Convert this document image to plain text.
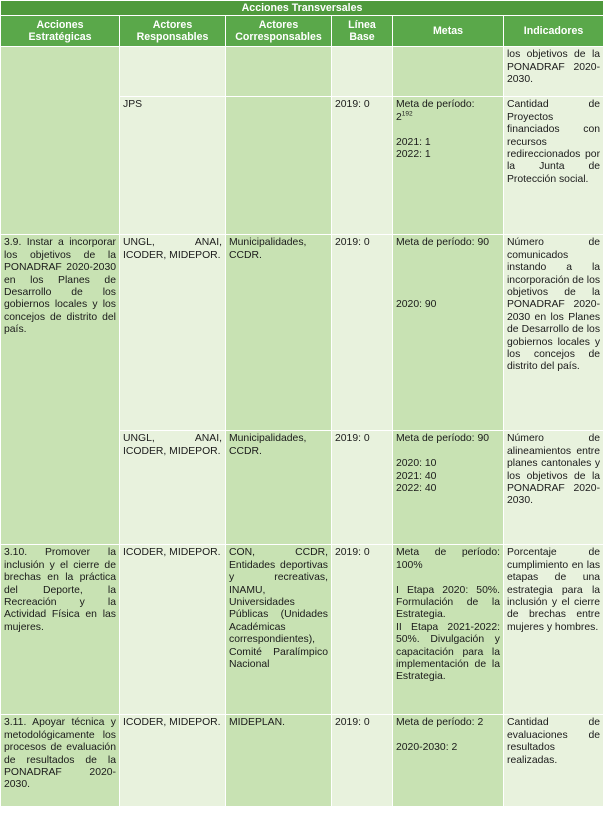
Acciones Transversales					
Acciones Estratégicas	Actores Responsables	Actores Corresponsables	Línea Base	Metas	Indicadores
					los objetivos de la PONADRAF 2020- 2030.
	JPS		2019: 0	Meta de período:
$2^{192}$
2021: 1
2022: 1	Cantidad de Proyectos financiados con recursos redireccionados por la Junta de Protección social.
3.9. Instar a incorporar los objetivos de la PONADRAF 2020-2030 en los Planes de Desarrollo de los gobiernos locales y los concejos de distrito del país.	UNGL, ANAI, ICODER, MIDEPOR.	Municipalidades, CCDR.	2019: 0	Meta de período: 90
2020: 90	Número de comunicados instando a la incorporación de los objetivos de la PONADRAF 2020-2030 en los Planes de Desarrollo de los gobiernos locales y los concejos de distrito del país.
	UNGL, ANAI, ICODER, MIDEPOR.	Municipalidades, CCDR.	2019: 0	Meta de período: 90
2020: 10
2021: 40
2022: 40	Número de alineamientos entre planes cantonales y los objetivos de la PONADRAF 2020-2030.
3.10. Promover la inclusión y el cierre de brechas en la práctica del Deporte, la Recreación y la Actividad Física en las mujeres.	ICODER, MIDEPOR.	CON, CCDR, Entidades deportivas y recreativas, INAMU, Universidades Públicas (Unidades Académicas correspondientes), Comité Paralímpico Nacional	2019: 0	Meta de período: 100%
I Etapa 2020: 50%. Formulación de la Estrategia.
II Etapa 2021-2022: 50%. Divulgación y capacitación para la implementación de la Estrategia.	Porcentaje de cumplimiento en las etapas de una estrategia para la inclusión y el cierre de brechas entre mujeres y hombres.
3.11. Apoyar técnica y metodológicamente los procesos de evaluación de resultados de la PONADRAF 2020-2030.	ICODER, MIDEPOR.	MIDEPLAN.	2019: 0	Meta de período: 2
2020-2030: 2	Cantidad de evaluaciones de resultados realizadas.
